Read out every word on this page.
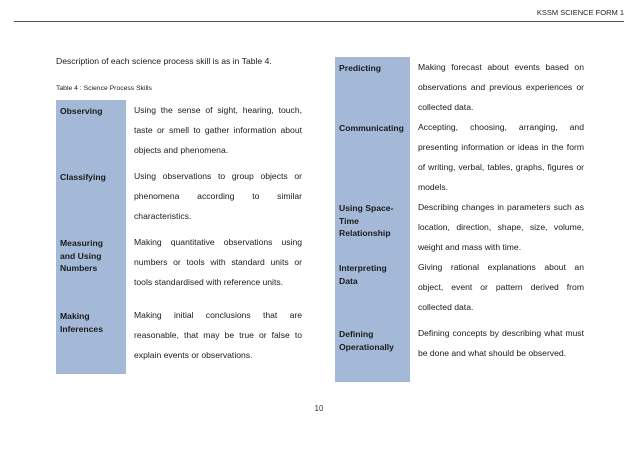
KSSM SCIENCE FORM 1
Description of each science process skill is as in Table 4.
Table 4 : Science Process Skills
Observing	Using the sense of sight, hearing, touch, taste or smell to gather information about objects and phenomena.
Classifying	Using observations to group objects or phenomena according to similar characteristics.
Measuring and Using Numbers	Making quantitative observations using numbers or tools with standard units or tools standardised with reference units.
Making Inferences	Making initial conclusions that are reasonable, that may be true or false to explain events or observations.
Predicting	Making forecast about events based on observations and previous experiences or collected data.
Communicating	Accepting, choosing, arranging, and presenting information or ideas in the form of writing, verbal, tables, graphs, figures or models.
Using Space-Time Relationship	Describing changes in parameters such as location, direction, shape, size, volume, weight and mass with time.
Interpreting Data	Giving rational explanations about an object, event or pattern derived from collected data.
Defining Operationally	Defining concepts by describing what must be done and what should be observed.
10
